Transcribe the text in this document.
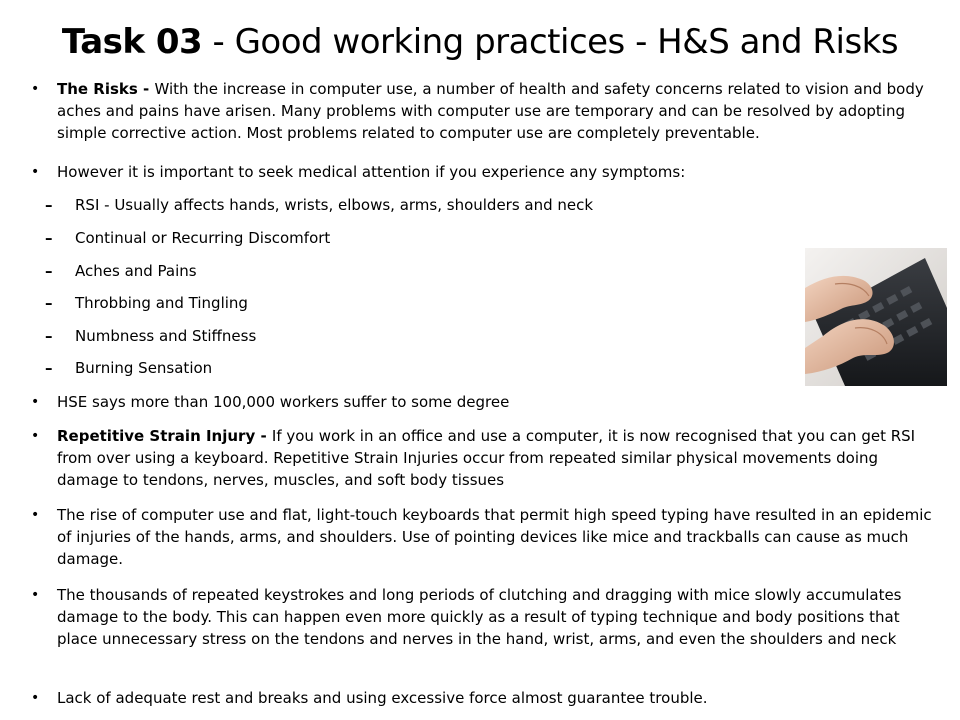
Task 03 - Good working practices - H&S and Risks
• The Risks - With the increase in computer use, a number of health and safety concerns related to vision and body aches and pains have arisen. Many problems with computer use are temporary and can be resolved by adopting simple corrective action. Most problems related to computer use are completely preventable.
• However it is important to seek medical attention if you experience any symptoms:
– RSI - Usually affects hands, wrists, elbows, arms, shoulders and neck
– Continual or Recurring Discomfort
– Aches and Pains
– Throbbing and Tingling
– Numbness and Stiffness
– Burning Sensation
• HSE says more than 100,000 workers suffer to some degree
• Repetitive Strain Injury - If you work in an office and use a computer, it is now recognised that you can get RSI from over using a keyboard. Repetitive Strain Injuries occur from repeated similar physical movements doing damage to tendons, nerves, muscles, and soft body tissues
• The rise of computer use and flat, light-touch keyboards that permit high speed typing have resulted in an epidemic of injuries of the hands, arms, and shoulders. Use of pointing devices like mice and trackballs can cause as much damage.
• The thousands of repeated keystrokes and long periods of clutching and dragging with mice slowly accumulates damage to the body. This can happen even more quickly as a result of typing technique and body positions that place unnecessary stress on the tendons and nerves in the hand, wrist, arms, and even the shoulders and neck
• Lack of adequate rest and breaks and using excessive force almost guarantee trouble.
